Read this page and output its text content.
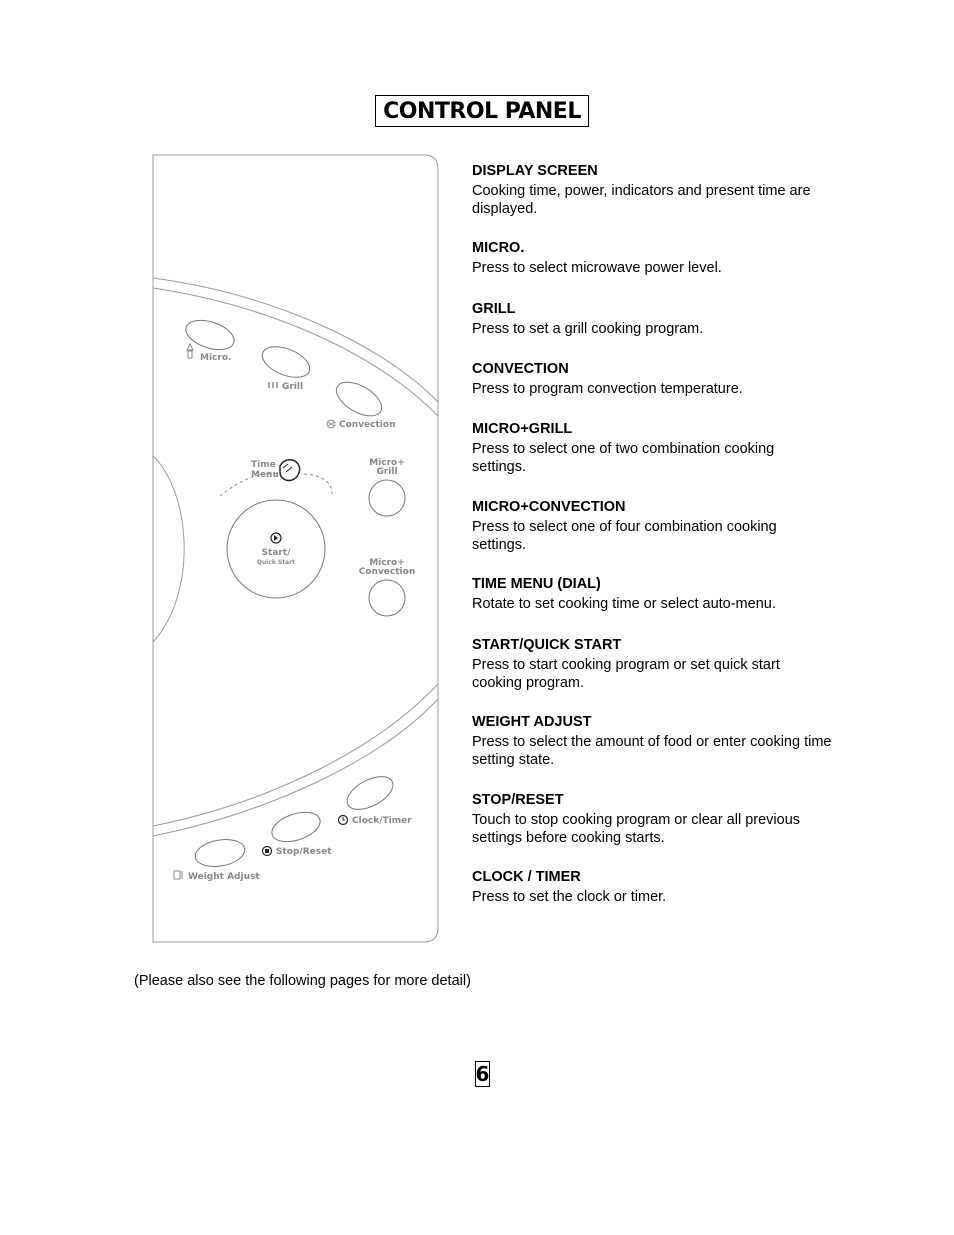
CONTROL PANEL
Micro.
Grill
Convection
Time
Menu
Start/
Quick Start
Micro+
Grill
Micro+
Convection
Clock/Timer
Stop/Reset
Weight Adjust
DISPLAY SCREEN
Cooking time, power, indicators and present time are displayed.
MICRO.
Press to select microwave power level.
GRILL
Press to set a grill cooking program.
CONVECTION
Press to program convection temperature.
MICRO+GRILL
Press to select one of two combination cooking settings.
MICRO+CONVECTION
Press to select one of four combination cooking settings.
TIME MENU (DIAL)
Rotate to set cooking time or select auto-menu.
START/QUICK START
Press to start cooking program or set quick start cooking program.
WEIGHT ADJUST
Press to select the amount of food or enter cooking time setting state.
STOP/RESET
Touch to stop cooking program or clear all previous settings before cooking starts.
CLOCK / TIMER
Press to set the clock or timer.
(Please also see the following pages for more detail)
6
